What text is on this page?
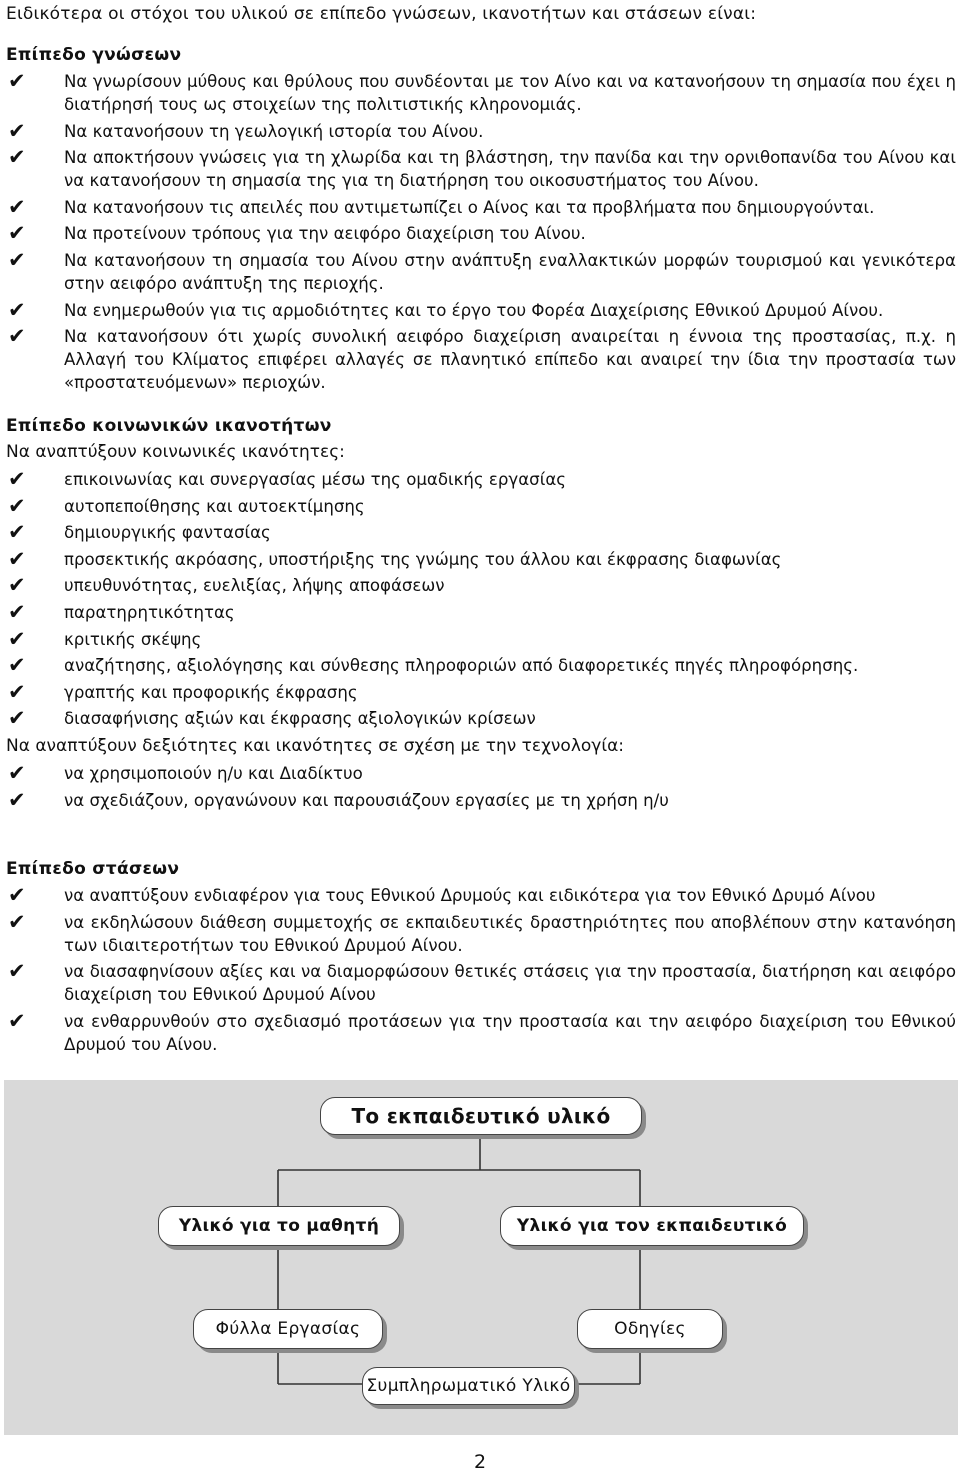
Ειδικότερα οι στόχοι του υλικού σε επίπεδο γνώσεων, ικανοτήτων και στάσεων είναι:
Επίπεδο γνώσεων
✔ Να γνωρίσουν μύθους και θρύλους που συνδέονται με τον Αίνο και να κατανοήσουν τη σημασία που έχει η διατήρησή τους ως στοιχείων της πολιτιστικής κληρονομιάς.
✔ Να κατανοήσουν τη γεωλογική ιστορία του Αίνου.
✔ Να αποκτήσουν γνώσεις για τη χλωρίδα και τη βλάστηση, την πανίδα και την ορνιθοπανίδα του Αίνου και να κατανοήσουν τη σημασία της για τη διατήρηση του οικοσυστήματος του Αίνου.
✔ Να κατανοήσουν τις απειλές που αντιμετωπίζει ο Αίνος και τα προβλήματα που δημιουργούνται.
✔ Να προτείνουν τρόπους για την αειφόρο διαχείριση του Αίνου.
✔ Να κατανοήσουν τη σημασία του Αίνου στην ανάπτυξη εναλλακτικών μορφών τουρισμού και γενικότερα στην αειφόρο ανάπτυξη της περιοχής.
✔ Να ενημερωθούν για τις αρμοδιότητες και το έργο του Φορέα Διαχείρισης Εθνικού Δρυμού Αίνου.
✔ Να κατανοήσουν ότι χωρίς συνολική αειφόρο διαχείριση αναιρείται η έννοια της προστασίας, π.χ. η Αλλαγή του Κλίματος επιφέρει αλλαγές σε πλανητικό επίπεδο και αναιρεί την ίδια την προστασία των «προστατευόμενων» περιοχών.
Επίπεδο κοινωνικών ικανοτήτων
Να αναπτύξουν κοινωνικές ικανότητες:
✔ επικοινωνίας και συνεργασίας μέσω της ομαδικής εργασίας
✔ αυτοπεποίθησης και αυτοεκτίμησης
✔ δημιουργικής φαντασίας
✔ προσεκτικής ακρόασης, υποστήριξης της γνώμης του άλλου και έκφρασης διαφωνίας
✔ υπευθυνότητας, ευελιξίας, λήψης αποφάσεων
✔ παρατηρητικότητας
✔ κριτικής σκέψης
✔ αναζήτησης, αξιολόγησης και σύνθεσης πληροφοριών από διαφορετικές πηγές πληροφόρησης.
✔ γραπτής και προφορικής έκφρασης
✔ διασαφήνισης αξιών και έκφρασης αξιολογικών κρίσεων
Να αναπτύξουν δεξιότητες και ικανότητες σε σχέση με την τεχνολογία:
✔ να χρησιμοποιούν η/υ και Διαδίκτυο
✔ να σχεδιάζουν, οργανώνουν και παρουσιάζουν εργασίες με τη χρήση η/υ
Επίπεδο στάσεων
✔ να αναπτύξουν ενδιαφέρον για τους Εθνικού Δρυμούς και ειδικότερα για τον Εθνικό Δρυμό Αίνου
✔ να εκδηλώσουν διάθεση συμμετοχής σε εκπαιδευτικές δραστηριότητες που αποβλέπουν στην κατανόηση των ιδιαιτεροτήτων του Εθνικού Δρυμού Αίνου.
✔ να διασαφηνίσουν αξίες και να διαμορφώσουν θετικές στάσεις για την προστασία, διατήρηση και αειφόρο διαχείριση του Εθνικού Δρυμού Αίνου
✔ να ενθαρρυνθούν στο σχεδιασμό προτάσεων για την προστασία και την αειφόρο διαχείριση του Εθνικού Δρυμού του Αίνου.
Το εκπαιδευτικό υλικό
Υλικό για το μαθητή	Υλικό για τον εκπαιδευτικό
Φύλλα Εργασίας	Οδηγίες
Συμπληρωματικό Υλικό
2
